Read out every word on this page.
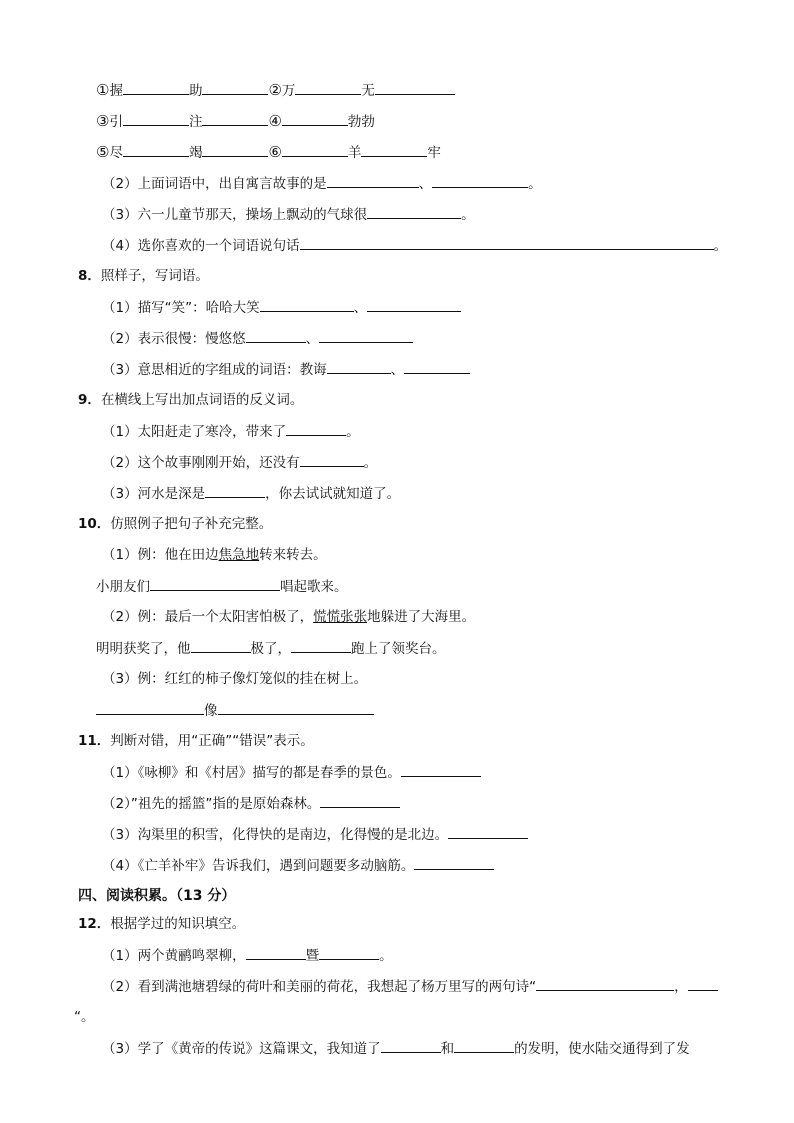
①握	助	②万	无
③引	注	④	勃勃
⑤尽	竭	⑥	羊	牢
（2）上面词语中，出自寓言故事的是	、	。
（3）六一儿童节那天，操场上飘动的气球很	。
（4）选你喜欢的一个词语说句话	。
8．照样子，写词语。
（1）描写“笑”：哈哈大笑	、
（2）表示很慢：慢悠悠	、
（3）意思相近的字组成的词语：教诲	、
9．在横线上写出加点词语的反义词。
（1）太阳赶走了寒冷，带来了	。
（2）这个故事刚刚开始，还没有	。
（3）河水是深是	，你去试试就知道了。
10．仿照例子把句子补充完整。
（1）例：他在田边焦急地转来转去。
小朋友们	唱起歌来。
（2）例：最后一个太阳害怕极了，慌慌张张地躲进了大海里。
明明获奖了，他	极了，	跑上了领奖台。
（3）例：红红的柿子像灯笼似的挂在树上。
像
11．判断对错，用“正确”“错误”表示。
（1）《咏柳》和《村居》描写的都是春季的景色。
（2）”祖先的摇篮”指的是原始森林。
（3）沟渠里的积雪，化得快的是南边，化得慢的是北边。
（4）《亡羊补牢》告诉我们，遇到问题要多动脑筋。
四、阅读积累。（13 分）
12．根据学过的知识填空。
（1）两个黄鹂鸣翠柳，	暨	。
（2）看到满池塘碧绿的荷叶和美丽的荷花，我想起了杨万里写的两句诗“	，
“。
（3）学了《黄帝的传说》这篇课文，我知道了	和	的发明，使水陆交通得到了发
